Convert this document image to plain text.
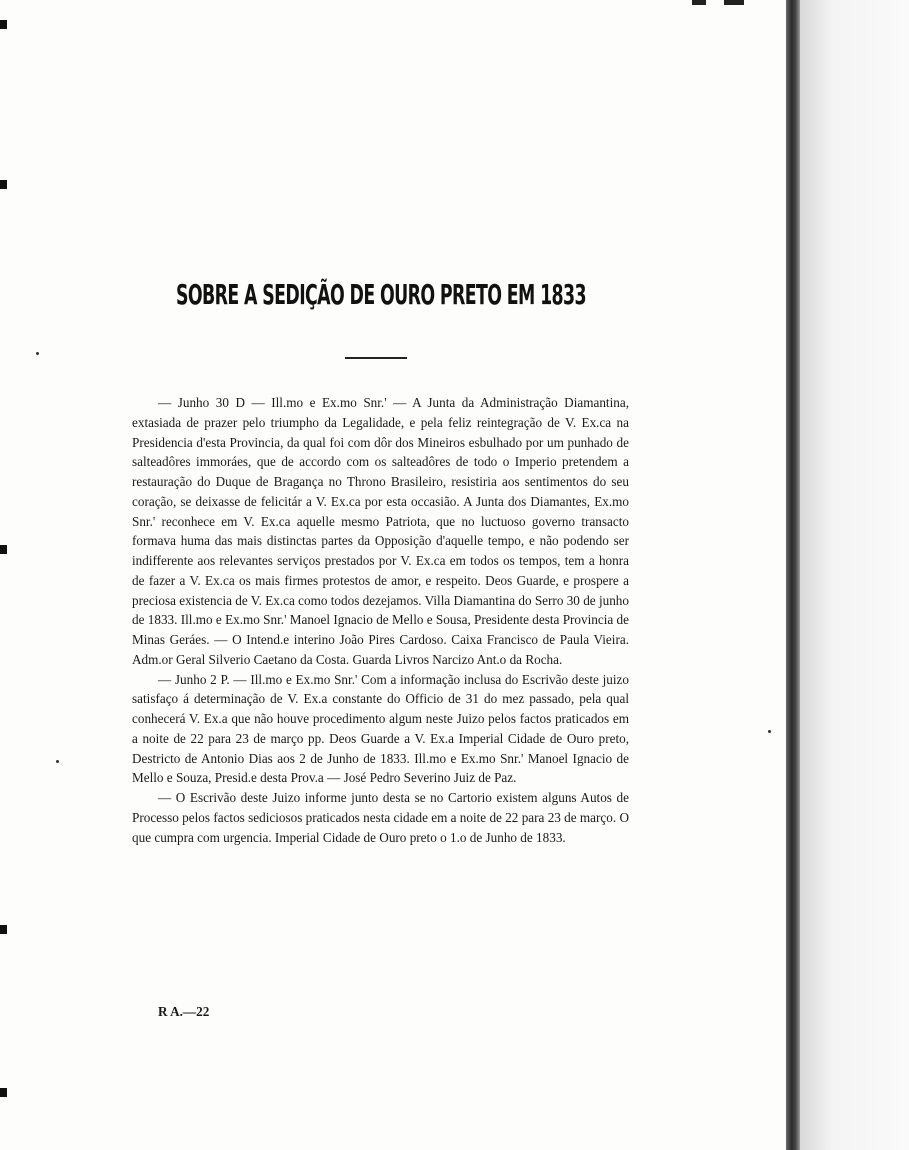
SOBRE A SEDIÇÃO DE OURO PRETO EM 1833

— Junho 30 D — Ill.mo e Ex.mo Snr.' — A Junta da Administração Diamantina, extasiada de prazer pelo triumpho da Legalidade, e pela feliz reintegração de V. Ex.ca na Presidencia d'esta Provincia, da qual foi com dôr dos Mineiros esbulhado por um punhado de salteadôres immoráes, que de accordo com os salteadôres de todo o Imperio pretendem a restauração do Duque de Bragança no Throno Brasileiro, resistiria aos sentimentos do seu coração, se deixasse de felicitár a V. Ex.ca por esta occasião. A Junta dos Diamantes, Ex.mo Snr.' reconhece em V. Ex.ca aquelle mesmo Patriota, que no luctuoso governo transacto formava huma das mais distinctas partes da Opposição d'aquelle tempo, e não podendo ser indifferente aos relevantes serviços prestados por V. Ex.ca em todos os tempos, tem a honra de fazer a V. Ex.ca os mais firmes protestos de amor, e respeito. Deos Guarde, e prospere a preciosa existencia de V. Ex.ca como todos dezejamos. Villa Diamantina do Serro 30 de junho de 1833. Ill.mo e Ex.mo Snr.' Manoel Ignacio de Mello e Sousa, Presidente desta Provincia de Minas Geráes. — O Intend.e interino João Pires Cardoso. Caixa Francisco de Paula Vieira. Adm.or Geral Silverio Caetano da Costa. Guarda Livros Narcizo Ant.o da Rocha.

— Junho 2 P. — Ill.mo e Ex.mo Snr.' Com a informação inclusa do Escrivão deste juizo satisfaço á determinação de V. Ex.a constante do Officio de 31 do mez passado, pela qual conhecerá V. Ex.a que não houve procedimento algum neste Juizo pelos factos praticados em a noite de 22 para 23 de março pp. Deos Guarde a V. Ex.a Imperial Cidade de Ouro preto, Destricto de Antonio Dias aos 2 de Junho de 1833. Ill.mo e Ex.mo Snr.' Manoel Ignacio de Mello e Souza, Presid.e desta Prov.a — José Pedro Severino Juiz de Paz.

— O Escrivão deste Juizo informe junto desta se no Cartorio existem alguns Autos de Processo pelos factos sediciosos praticados nesta cidade em a noite de 22 para 23 de março. O que cumpra com urgencia. Imperial Cidade de Ouro preto o 1.o de Junho de 1833.

R A.—22
